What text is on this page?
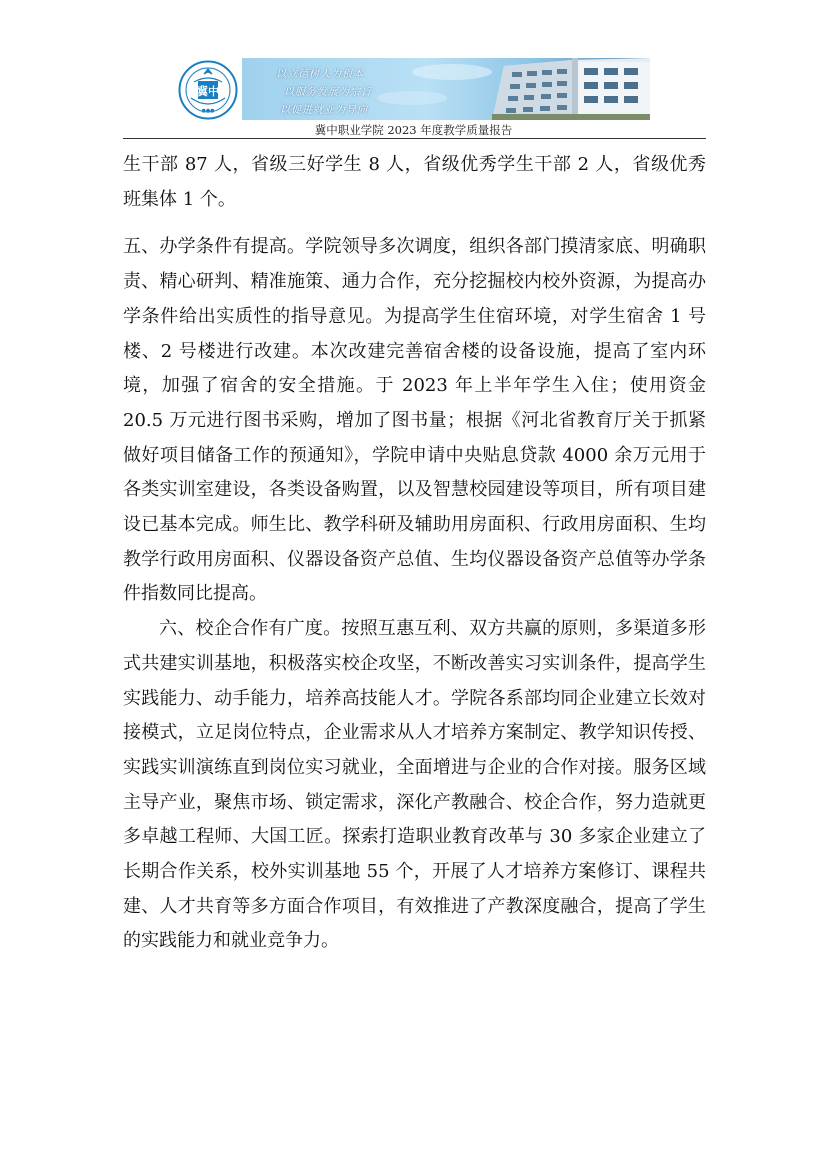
冀中
●●●
以立德树人为根本
以服务发展为宗旨
以促进就业为导向
冀中职业学院 2023 年度教学质量报告

生干部 87 人，省级三好学生 8 人，省级优秀学生干部 2 人，省级优秀班集体 1 个。

五、办学条件有提高。学院领导多次调度，组织各部门摸清家底、明确职责、精心研判、精准施策、通力合作，充分挖掘校内校外资源，为提高办学条件给出实质性的指导意见。为提高学生住宿环境，对学生宿舍 1 号楼、2 号楼进行改建。本次改建完善宿舍楼的设备设施，提高了室内环境，加强了宿舍的安全措施。于 2023 年上半年学生入住；使用资金 20.5 万元进行图书采购，增加了图书量；根据《河北省教育厅关于抓紧做好项目储备工作的预通知》，学院申请中央贴息贷款 4000 余万元用于各类实训室建设，各类设备购置，以及智慧校园建设等项目，所有项目建设已基本完成。师生比、教学科研及辅助用房面积、行政用房面积、生均教学行政用房面积、仪器设备资产总值、生均仪器设备资产总值等办学条件指数同比提高。

六、校企合作有广度。按照互惠互利、双方共赢的原则，多渠道多形式共建实训基地，积极落实校企攻坚，不断改善实习实训条件，提高学生实践能力、动手能力，培养高技能人才。学院各系部均同企业建立长效对接模式，立足岗位特点，企业需求从人才培养方案制定、教学知识传授、实践实训演练直到岗位实习就业，全面增进与企业的合作对接。服务区域主导产业，聚焦市场、锁定需求，深化产教融合、校企合作，努力造就更多卓越工程师、大国工匠。探索打造职业教育改革与 30 多家企业建立了长期合作关系，校外实训基地 55 个，开展了人才培养方案修订、课程共建、人才共育等多方面合作项目，有效推进了产教深度融合，提高了学生的实践能力和就业竞争力。
